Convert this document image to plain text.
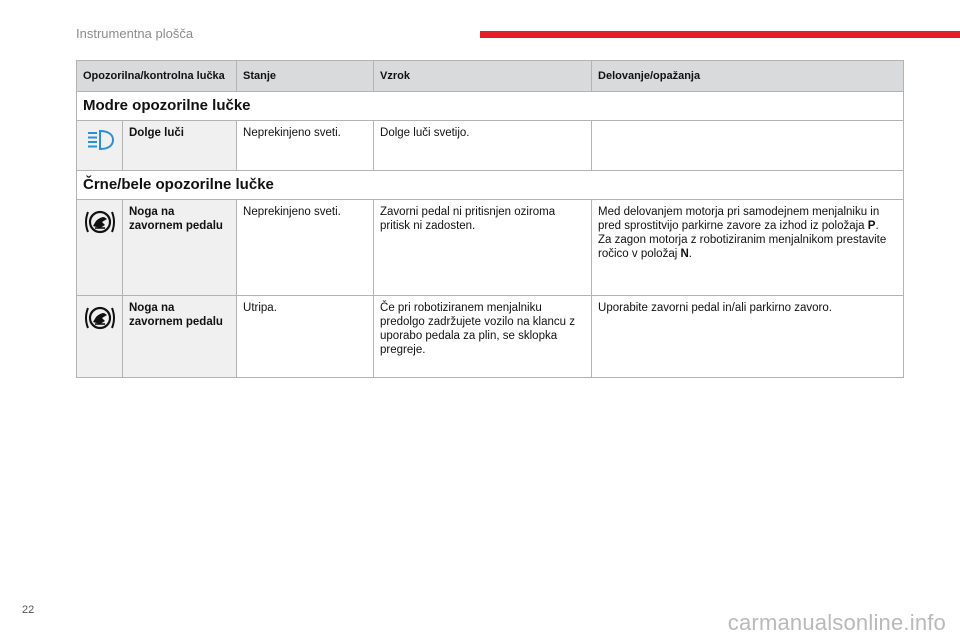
Instrumentna plošča
Opozorilna/kontrolna lučka		Stanje	Vzrok	Delovanje/opažanja
Modre opozorilne lučke				
	Dolge luči	Neprekinjeno sveti.	Dolge luči svetijo.	
Črne/bele opozorilne lučke				
	Noga na zavornem pedalu	Neprekinjeno sveti.	Zavorni pedal ni pritisnjen oziroma pritisk ni zadosten.	Med delovanjem motorja pri samodejnem menjalniku in pred sprostitvijo parkirne zavore za izhod iz položaja P.
Za zagon motorja z robotiziranim menjalnikom prestavite ročico v položaj N.
	Noga na zavornem pedalu	Utripa.	Če pri robotiziranem menjalniku predolgo zadržujete vozilo na klancu z uporabo pedala za plin, se sklopka pregreje.	Uporabite zavorni pedal in/ali parkirno zavoro.
22	carmanualsonline.info
